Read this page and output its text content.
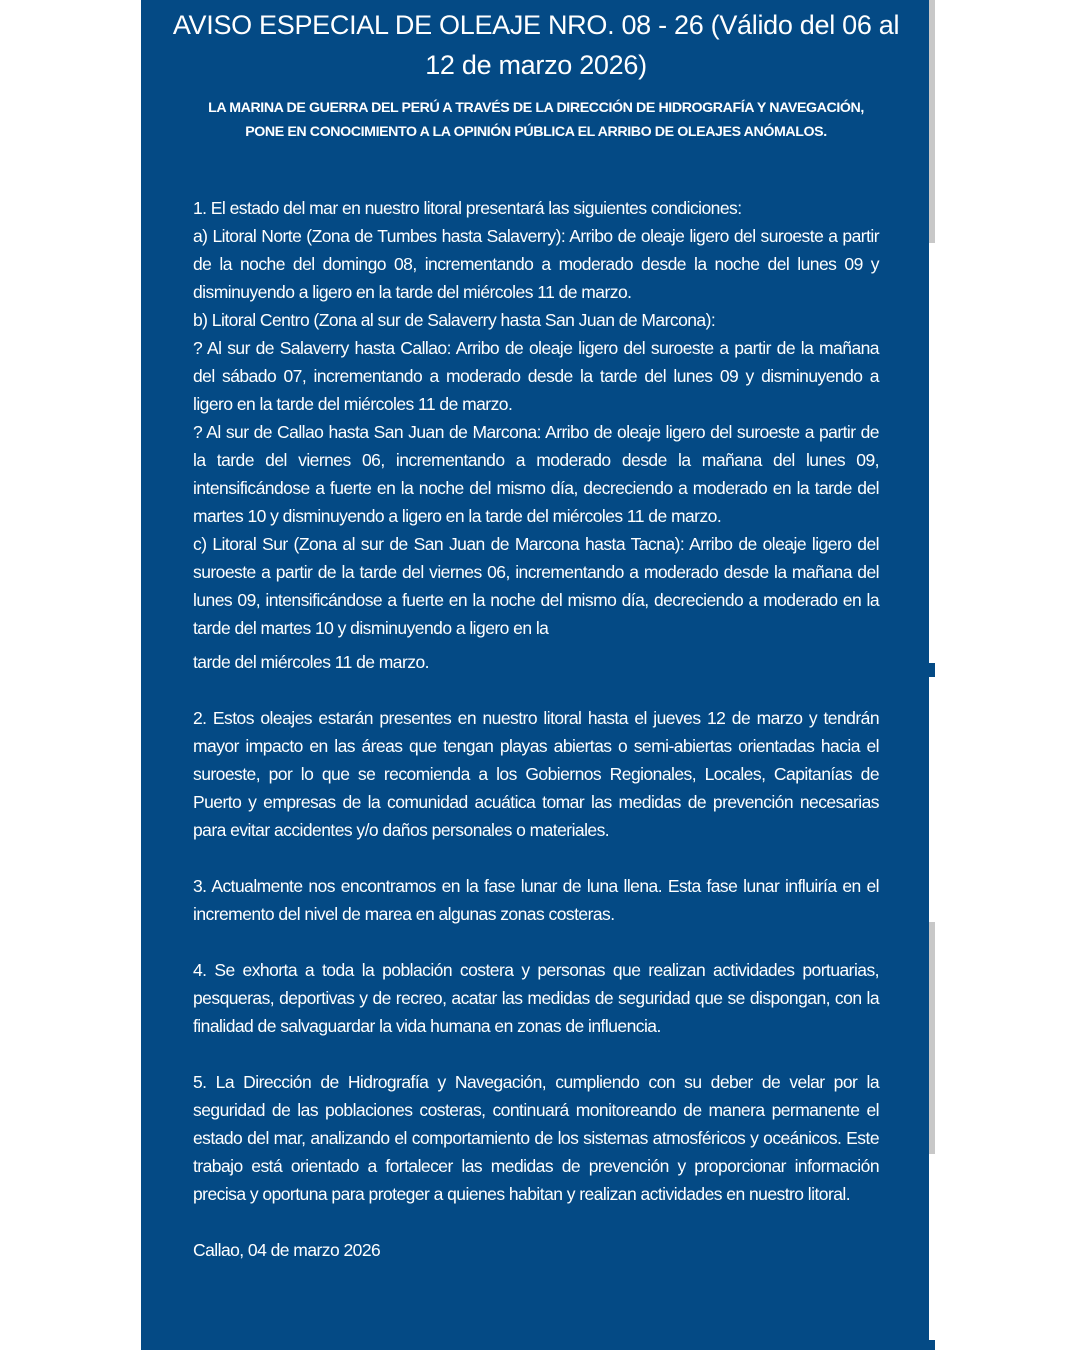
AVISO ESPECIAL DE OLEAJE NRO. 08 - 26 (Válido del 06 al 12 de marzo 2026)
LA MARINA DE GUERRA DEL PERÚ A TRAVÉS DE LA DIRECCIÓN DE HIDROGRAFÍA Y NAVEGACIÓN, PONE EN CONOCIMIENTO A LA OPINIÓN PÚBLICA EL ARRIBO DE OLEAJES ANÓMALOS.

1. El estado del mar en nuestro litoral presentará las siguientes condiciones:

a) Litoral Norte (Zona de Tumbes hasta Salaverry): Arribo de oleaje ligero del suroeste a partir de la noche del domingo 08, incrementando a moderado desde la noche del lunes 09 y disminuyendo a ligero en la tarde del miércoles 11 de marzo.

b) Litoral Centro (Zona al sur de Salaverry hasta San Juan de Marcona):

? Al sur de Salaverry hasta Callao: Arribo de oleaje ligero del suroeste a partir de la mañana del sábado 07, incrementando a moderado desde la tarde del lunes 09 y disminuyendo a ligero en la tarde del miércoles 11 de marzo.

? Al sur de Callao hasta San Juan de Marcona: Arribo de oleaje ligero del suroeste a partir de la tarde del viernes 06, incrementando a moderado desde la mañana del lunes 09, intensificándose a fuerte en la noche del mismo día, decreciendo a moderado en la tarde del martes 10 y disminuyendo a ligero en la tarde del miércoles 11 de marzo.

c) Litoral Sur (Zona al sur de San Juan de Marcona hasta Tacna): Arribo de oleaje ligero del suroeste a partir de la tarde del viernes 06, incrementando a moderado desde la mañana del lunes 09, intensificándose a fuerte en la noche del mismo día, decreciendo a moderado en la tarde del martes 10 y disminuyendo a ligero en la

tarde del miércoles 11 de marzo.

2. Estos oleajes estarán presentes en nuestro litoral hasta el jueves 12 de marzo y tendrán mayor impacto en las áreas que tengan playas abiertas o semi-abiertas orientadas hacia el suroeste, por lo que se recomienda a los Gobiernos Regionales, Locales, Capitanías de Puerto y empresas de la comunidad acuática tomar las medidas de prevención necesarias para evitar accidentes y/o daños personales o materiales.

3. Actualmente nos encontramos en la fase lunar de luna llena. Esta fase lunar influiría en el incremento del nivel de marea en algunas zonas costeras.

4. Se exhorta a toda la población costera y personas que realizan actividades portuarias, pesqueras, deportivas y de recreo, acatar las medidas de seguridad que se dispongan, con la finalidad de salvaguardar la vida humana en zonas de influencia.

5. La Dirección de Hidrografía y Navegación, cumpliendo con su deber de velar por la seguridad de las poblaciones costeras, continuará monitoreando de manera permanente el estado del mar, analizando el comportamiento de los sistemas atmosféricos y oceánicos. Este trabajo está orientado a fortalecer las medidas de prevención y proporcionar información precisa y oportuna para proteger a quienes habitan y realizan actividades en nuestro litoral.

Callao, 04 de marzo 2026
